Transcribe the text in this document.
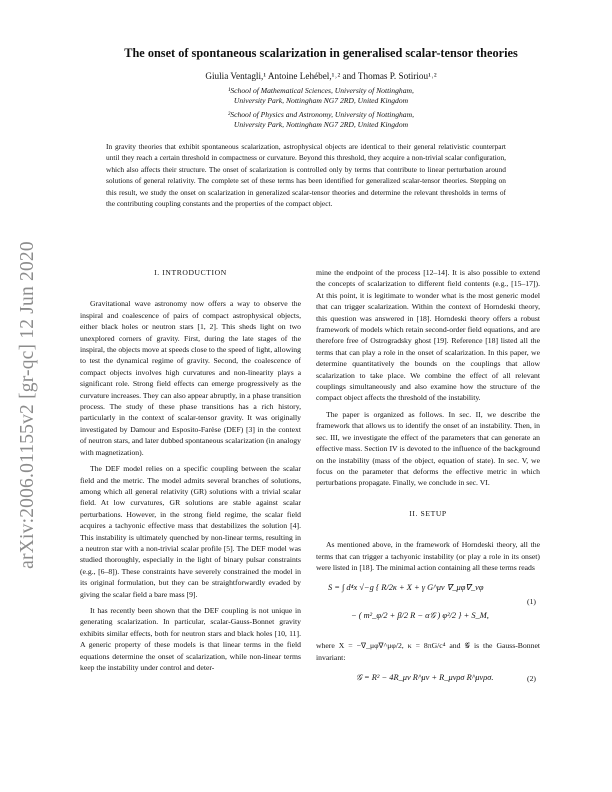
arXiv:2006.01155v2 [gr-qc] 12 Jun 2020
The onset of spontaneous scalarization in generalised scalar-tensor theories
Giulia Ventagli,¹ Antoine Lehébel,¹˒² and Thomas P. Sotiriou¹˒²
¹School of Mathematical Sciences, University of Nottingham,
University Park, Nottingham NG7 2RD, United Kingdom
²School of Physics and Astronomy, University of Nottingham,
University Park, Nottingham NG7 2RD, United Kingdom
In gravity theories that exhibit spontaneous scalarization, astrophysical objects are identical to their general relativistic counterpart until they reach a certain threshold in compactness or curvature. Beyond this threshold, they acquire a non-trivial scalar configuration, which also affects their structure. The onset of scalarization is controlled only by terms that contribute to linear perturbation around solutions of general relativity. The complete set of these terms has been identified for generalized scalar-tensor theories. Stepping on this result, we study the onset on scalarization in generalized scalar-tensor theories and determine the relevant thresholds in terms of the contributing coupling constants and the properties of the compact object.
I. INTRODUCTION

Gravitational wave astronomy now offers a way to observe the inspiral and coalescence of pairs of compact astrophysical objects, either black holes or neutron stars [1, 2]. This sheds light on two unexplored corners of gravity. First, during the late stages of the inspiral, the objects move at speeds close to the speed of light, allowing to test the dynamical regime of gravity. Second, the coalescence of compact objects involves high curvatures and non-linearity plays a significant role. Strong field effects can emerge progressively as the curvature increases. They can also appear abruptly, in a phase transition process. The study of these phase transitions has a rich history, particularly in the context of scalar-tensor gravity. It was originally investigated by Damour and Esposito-Farèse (DEF) [3] in the context of neutron stars, and later dubbed spontaneous scalarization (in analogy with magnetization).

The DEF model relies on a specific coupling between the scalar field and the metric. The model admits several branches of solutions, among which all general relativity (GR) solutions with a trivial scalar field. At low curvatures, GR solutions are stable against scalar perturbations. However, in the strong field regime, the scalar field acquires a tachyonic effective mass that destabilizes the solution [4]. This instability is ultimately quenched by non-linear terms, resulting in a neutron star with a non-trivial scalar profile [5]. The DEF model was studied thoroughly, especially in the light of binary pulsar constraints (e.g., [6–8]). These constraints have severely constrained the model in its original formulation, but they can be straightforwardly evaded by giving the scalar field a bare mass [9].

It has recently been shown that the DEF coupling is not unique in generating scalarization. In particular, scalar-Gauss-Bonnet gravity exhibits similar effects, both for neutron stars and black holes [10, 11]. A generic property of these models is that linear terms in the field equations determine the onset of scalarization, while non-linear terms keep the instability under control and deter-

mine the endpoint of the process [12–14]. It is also possible to extend the concepts of scalarization to different field contents (e.g., [15–17]). At this point, it is legitimate to wonder what is the most generic model that can trigger scalarization. Within the context of Horndeski theory, this question was answered in [18]. Horndeski theory offers a robust framework of models which retain second-order field equations, and are therefore free of Ostrogradsky ghost [19]. Reference [18] listed all the terms that can play a role in the onset of scalarization. In this paper, we determine quantitatively the bounds on the couplings that allow scalarization to take place. We combine the effect of all relevant couplings simultaneously and also examine how the structure of the compact object affects the threshold of the instability.

The paper is organized as follows. In sec. II, we describe the framework that allows us to identify the onset of an instability. Then, in sec. III, we investigate the effect of the parameters that can generate an effective mass. Section IV is devoted to the influence of the background on the instability (mass of the object, equation of state). In sec. V, we focus on the parameter that deforms the effective metric in which perturbations propagate. Finally, we conclude in sec. VI.

II. SETUP

As mentioned above, in the framework of Horndeski theory, all the terms that can trigger a tachyonic instability (or play a role in its onset) were listed in [18]. The minimal action containing all these terms reads

S = ∫ d⁴x √−g { R/2κ + X + γ G^μν ∇_μφ∇_νφ
− ( m²_φ/2 + β/2 R − α𝒢 ) φ²/2 } + S_M,
(1)

where X = −∇_μφ∇^μφ/2, κ = 8πG/c⁴ and 𝒢 is the Gauss-Bonnet invariant:

𝒢 = R² − 4R_μν R^μν + R_μνρσ R^μνρσ.	(2)
